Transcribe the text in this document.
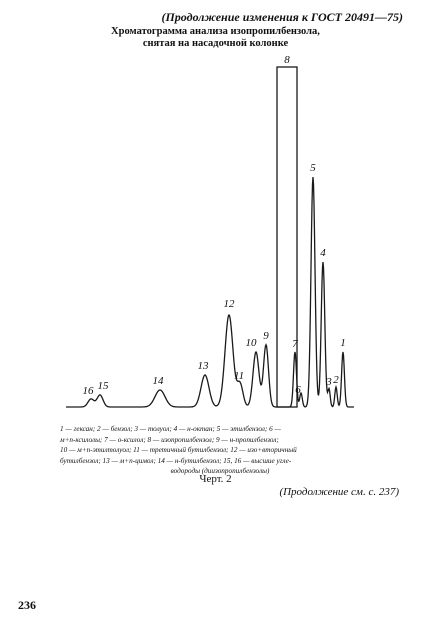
(Продолжение изменения к ГОСТ 20491—75)
Хроматограмма анализа изопропилбензола,
снятая на насадочной колонке
16 15	14
13
12
11
10
9
8
7
6
5
4
3 2
1
1 — гексан; 2 — бензол; 3 — толуол; 4 — н-октан; 5 — этилбензол; 6 —
м+п-ксилолы; 7 — о-ксилол; 8 — изопропилбензол; 9 — н-пропилбензол;
10 — м+п-этилтолуол; 11 — третичный бутилбензол; 12 — изо+вторичный
бутилбензол; 13 — м+п-цимол; 14 — н-бутилбензол; 15, 16 — высшие угле-
водороды (диизопропилбензолы)
Черт. 2
(Продолжение см. с. 237)
236
